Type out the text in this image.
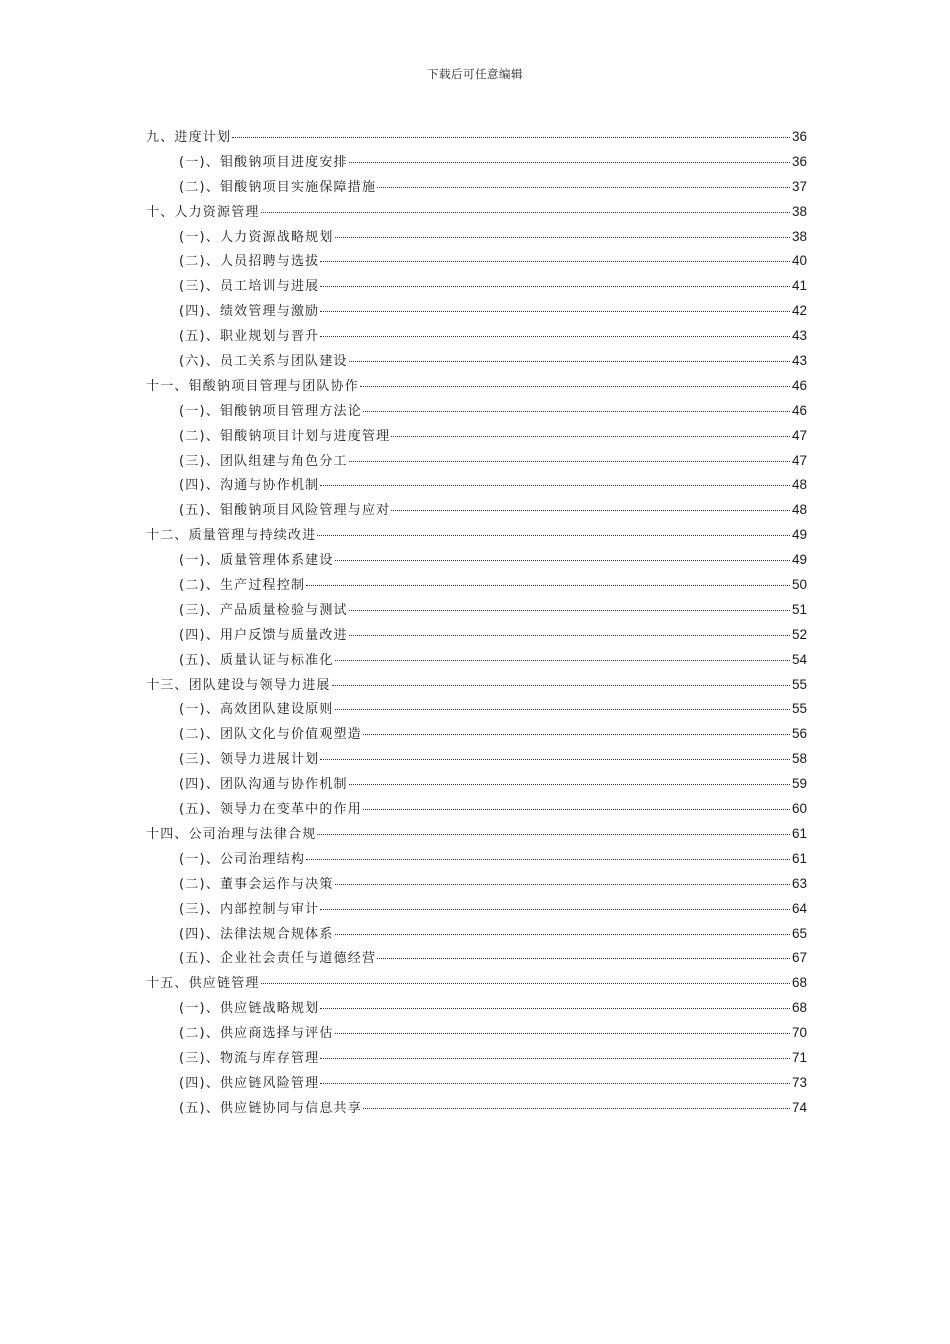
下载后可任意编辑
九、进度计划	36
(一)、钼酸钠项目进度安排	36
(二)、钼酸钠项目实施保障措施	37
十、人力资源管理	38
(一)、人力资源战略规划	38
(二)、人员招聘与选拔	40
(三)、员工培训与进展	41
(四)、绩效管理与激励	42
(五)、职业规划与晋升	43
(六)、员工关系与团队建设	43
十一、钼酸钠项目管理与团队协作	46
(一)、钼酸钠项目管理方法论	46
(二)、钼酸钠项目计划与进度管理	47
(三)、团队组建与角色分工	47
(四)、沟通与协作机制	48
(五)、钼酸钠项目风险管理与应对	48
十二、质量管理与持续改进	49
(一)、质量管理体系建设	49
(二)、生产过程控制	50
(三)、产品质量检验与测试	51
(四)、用户反馈与质量改进	52
(五)、质量认证与标准化	54
十三、团队建设与领导力进展	55
(一)、高效团队建设原则	55
(二)、团队文化与价值观塑造	56
(三)、领导力进展计划	58
(四)、团队沟通与协作机制	59
(五)、领导力在变革中的作用	60
十四、公司治理与法律合规	61
(一)、公司治理结构	61
(二)、董事会运作与决策	63
(三)、内部控制与审计	64
(四)、法律法规合规体系	65
(五)、企业社会责任与道德经营	67
十五、供应链管理	68
(一)、供应链战略规划	68
(二)、供应商选择与评估	70
(三)、物流与库存管理	71
(四)、供应链风险管理	73
(五)、供应链协同与信息共享	74
